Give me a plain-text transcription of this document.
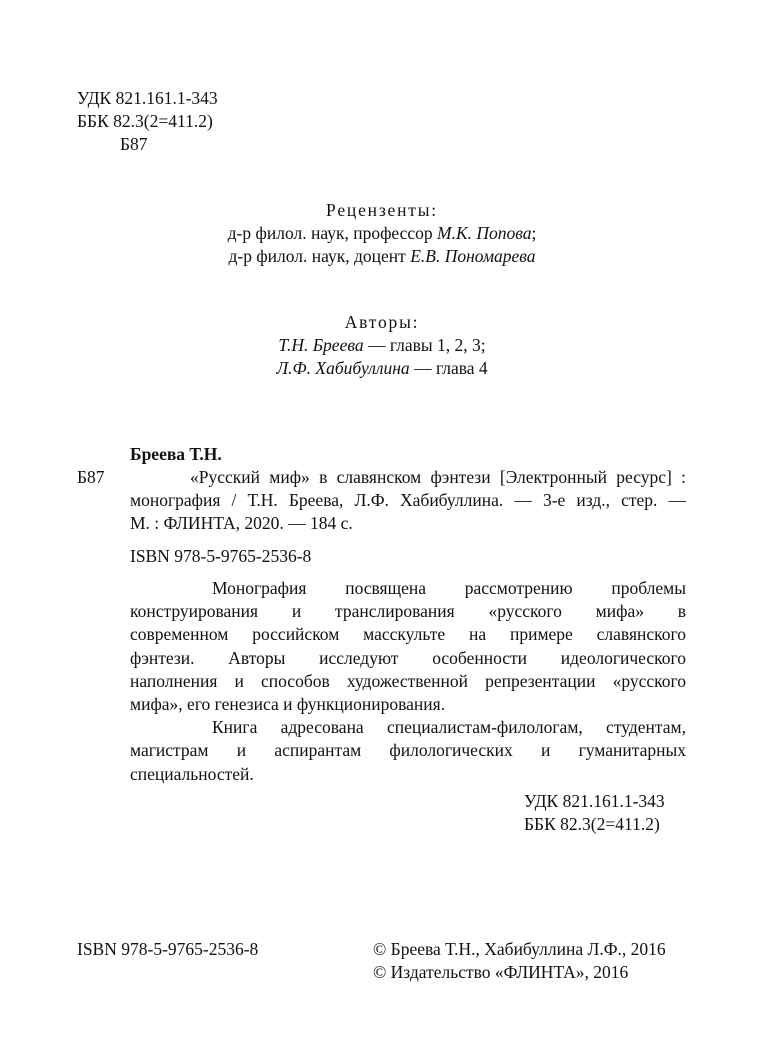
УДК 821.161.1-343
ББК 82.3(2=411.2)
Б87
Рецензенты:
д-р филол. наук, профессор М.К. Попова;
д-р филол. наук, доцент Е.В. Пономарева
Авторы:
Т.Н. Бреева — главы 1, 2, 3;
Л.Ф. Хабибуллина — глава 4
Бреева Т.Н.
Б87	«Русский миф» в славянском фэнтези [Электронный ресурс] :
монография / Т.Н. Бреева, Л.Ф. Хабибуллина. — 3-е изд., стер. —
М. : ФЛИНТА, 2020. — 184 с.
ISBN 978-5-9765-2536-8
Монография посвящена рассмотрению проблемы
конструирования и транслирования «русского мифа» в
современном российском масскульте на примере славянского
фэнтези. Авторы исследуют особенности идеологического
наполнения и способов художественной репрезентации «русского
мифа», его генезиса и функционирования.
Книга адресована специалистам-филологам, студентам,
магистрам и аспирантам филологических и гуманитарных
специальностей.
УДК 821.161.1-343
ББК 82.3(2=411.2)
ISBN 978-5-9765-2536-8	© Бреева Т.Н., Хабибуллина Л.Ф., 2016
© Издательство «ФЛИНТА», 2016
